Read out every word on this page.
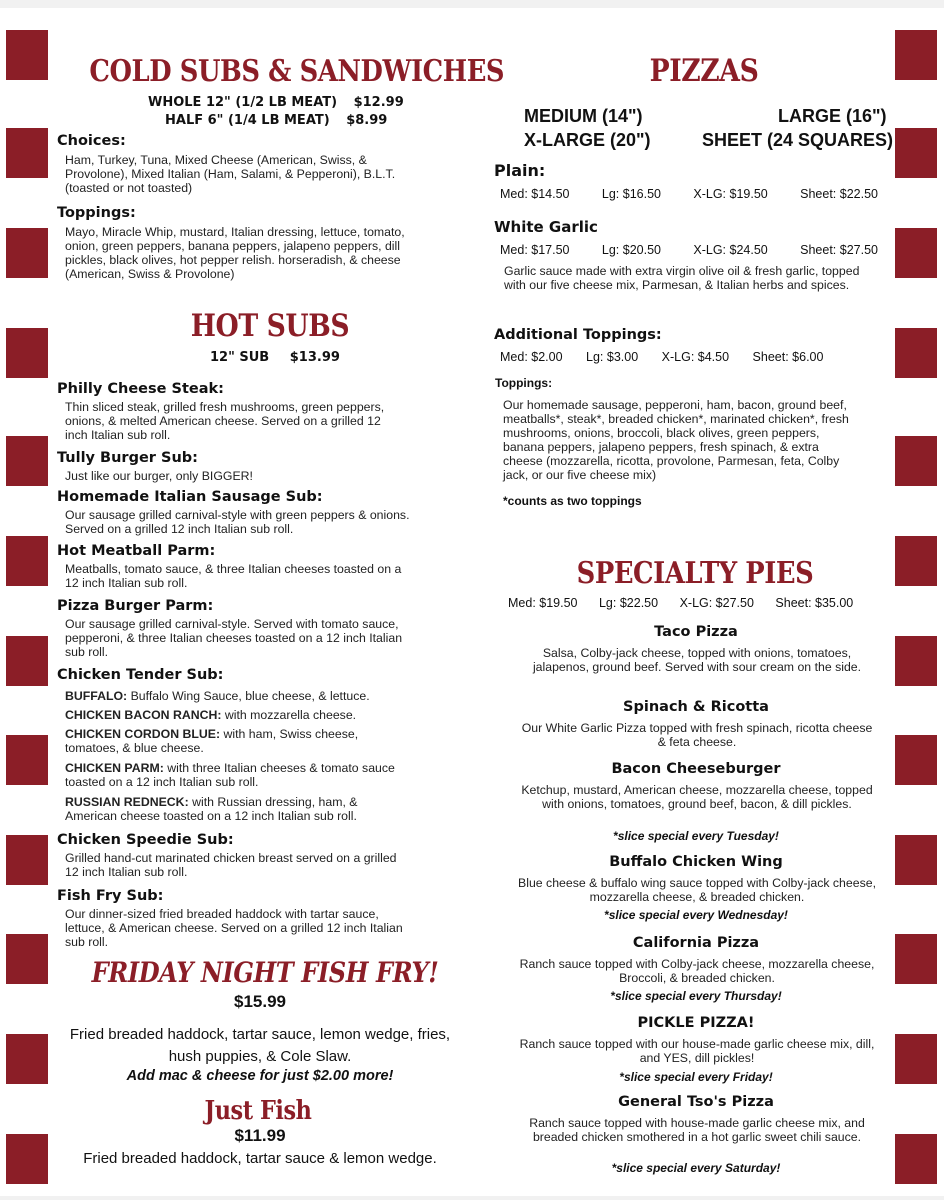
COLD SUBS & SANDWICHES
WHOLE 12" (1/2 LB MEAT) $12.99
HALF 6" (1/4 LB MEAT) $8.99
Choices:
Ham, Turkey, Tuna, Mixed Cheese (American, Swiss, & Provolone), Mixed Italian (Ham, Salami, & Pepperoni), B.L.T. (toasted or not toasted)
Toppings:
Mayo, Miracle Whip, mustard, Italian dressing, lettuce, tomato, onion, green peppers, banana peppers, jalapeno peppers, dill pickles, black olives, hot pepper relish. horseradish, & cheese (American, Swiss & Provolone)
HOT SUBS
12" SUB $13.99
Philly Cheese Steak:
Thin sliced steak, grilled fresh mushrooms, green peppers, onions, & melted American cheese. Served on a grilled 12 inch Italian sub roll.
Tully Burger Sub:
Just like our burger, only BIGGER!
Homemade Italian Sausage Sub:
Our sausage grilled carnival-style with green peppers & onions. Served on a grilled 12 inch Italian sub roll.
Hot Meatball Parm:
Meatballs, tomato sauce, & three Italian cheeses toasted on a 12 inch Italian sub roll.
Pizza Burger Parm:
Our sausage grilled carnival-style. Served with tomato sauce, pepperoni, & three Italian cheeses toasted on a 12 inch Italian sub roll.
Chicken Tender Sub:
BUFFALO: Buffalo Wing Sauce, blue cheese, & lettuce.
CHICKEN BACON RANCH: with mozzarella cheese.
CHICKEN CORDON BLUE: with ham, Swiss cheese, tomatoes, & blue cheese.
CHICKEN PARM: with three Italian cheeses & tomato sauce toasted on a 12 inch Italian sub roll.
RUSSIAN REDNECK: with Russian dressing, ham, & American cheese toasted on a 12 inch Italian sub roll.
Chicken Speedie Sub:
Grilled hand-cut marinated chicken breast served on a grilled 12 inch Italian sub roll.
Fish Fry Sub:
Our dinner-sized fried breaded haddock with tartar sauce, lettuce, & American cheese. Served on a grilled 12 inch Italian sub roll.
FRIDAY NIGHT FISH FRY!
$15.99
Fried breaded haddock, tartar sauce, lemon wedge, fries, hush puppies, & Cole Slaw.
Add mac & cheese for just $2.00 more!
Just Fish
$11.99
Fried breaded haddock, tartar sauce & lemon wedge.
PIZZAS
MEDIUM (14")	LARGE (16")
X-LARGE (20")	SHEET (24 SQUARES)
Plain:
Med: $14.50	Lg: $16.50	X-LG: $19.50	Sheet: $22.50
White Garlic
Med: $17.50	Lg: $20.50	X-LG: $24.50	Sheet: $27.50
Garlic sauce made with extra virgin olive oil & fresh garlic, topped with our five cheese mix, Parmesan, & Italian herbs and spices.
Additional Toppings:
Med: $2.00 Lg: $3.00 X-LG: $4.50 Sheet: $6.00
Toppings:
Our homemade sausage, pepperoni, ham, bacon, ground beef, meatballs*, steak*, breaded chicken*, marinated chicken*, fresh mushrooms, onions, broccoli, black olives, green peppers, banana peppers, jalapeno peppers, fresh spinach, & extra cheese (mozzarella, ricotta, provolone, Parmesan, feta, Colby jack, or our five cheese mix)
*counts as two toppings
SPECIALTY PIES
Med: $19.50 Lg: $22.50 X-LG: $27.50 Sheet: $35.00
Taco Pizza
Salsa, Colby-jack cheese, topped with onions, tomatoes, jalapenos, ground beef. Served with sour cream on the side.
Spinach & Ricotta
Our White Garlic Pizza topped with fresh spinach, ricotta cheese & feta cheese.
Bacon Cheeseburger
Ketchup, mustard, American cheese, mozzarella cheese, topped with onions, tomatoes, ground beef, bacon, & dill pickles.
*slice special every Tuesday!
Buffalo Chicken Wing
Blue cheese & buffalo wing sauce topped with Colby-jack cheese, mozzarella cheese, & breaded chicken.
*slice special every Wednesday!
California Pizza
Ranch sauce topped with Colby-jack cheese, mozzarella cheese, Broccoli, & breaded chicken.
*slice special every Thursday!
PICKLE PIZZA!
Ranch sauce topped with our house-made garlic cheese mix, dill, and YES, dill pickles!
*slice special every Friday!
General Tso's Pizza
Ranch sauce topped with house-made garlic cheese mix, and breaded chicken smothered in a hot garlic sweet chili sauce.
*slice special every Saturday!
